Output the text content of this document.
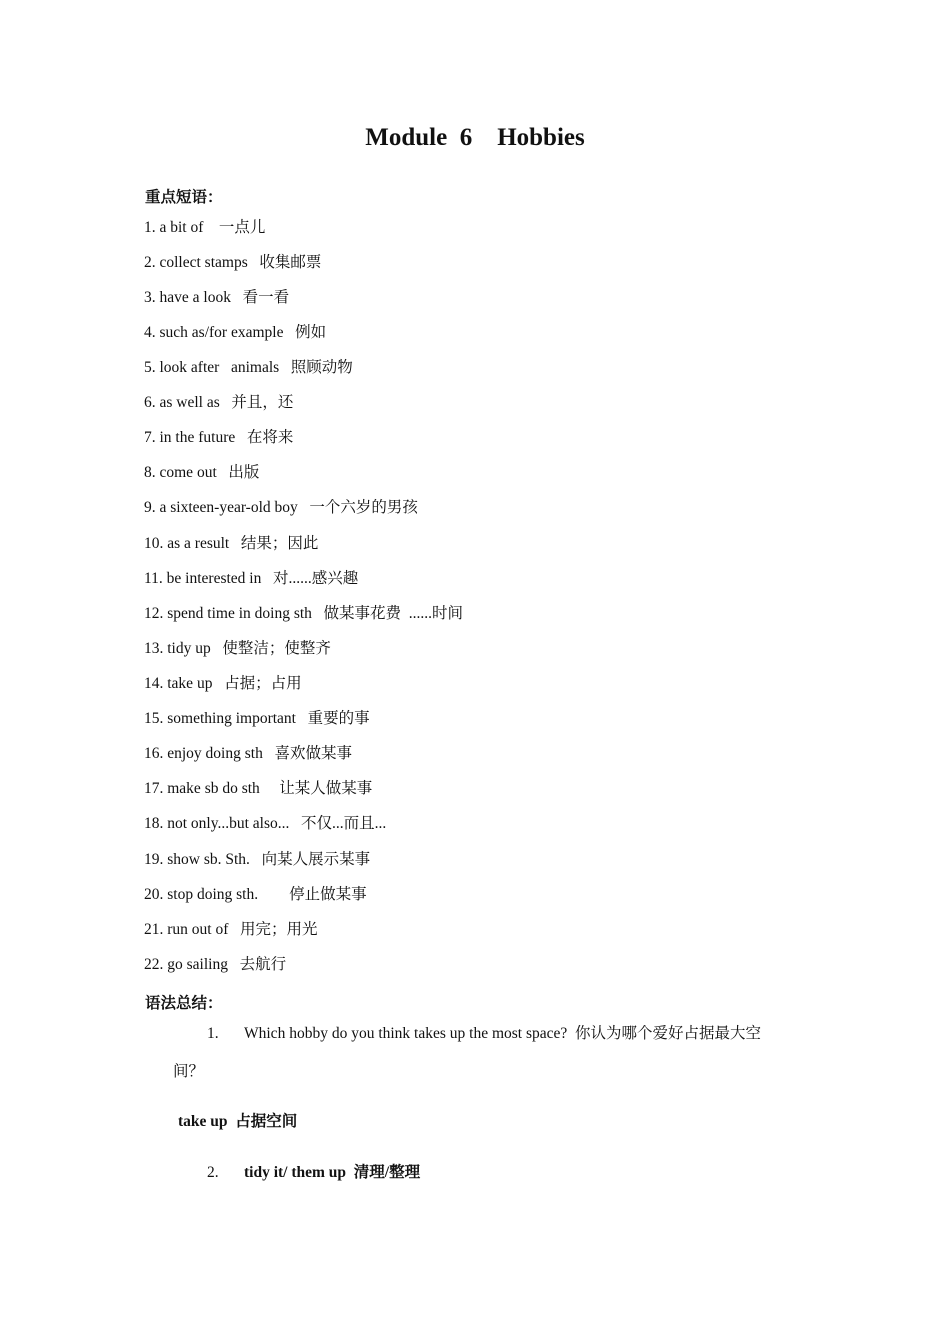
Module  6    Hobbies
重点短语：
1. a bit of 一点儿
2. collect stamps 收集邮票
3. have a look 看一看
4. such as/for example 例如
5. look after   animals 照顾动物
6. as well as 并且，还
7. in the future 在将来
8. come out 出版
9. a sixteen-year-old boy 一个六岁的男孩
10. as a result 结果；因此
11. be interested in 对......感兴趣
12. spend time in doing sth 做某事花费  ......时间
13. tidy up 使整洁；使整齐
14. take up 占据；占用
15. something important 重要的事
16. enjoy doing sth 喜欢做某事
17. make sb do sth 让某人做某事
18. not only...but also... 不仅...而且...
19. show sb. Sth. 向某人展示某事
20. stop doing sth. 停止做某事
21. run out of 用完；用光
22. go sailing 去航行
语法总结：
1. Which hobby do you think takes up the most space?  你认为哪个爱好占据最大空
间？
take up  占据空间
2. tidy it/ them up  清理/整理
